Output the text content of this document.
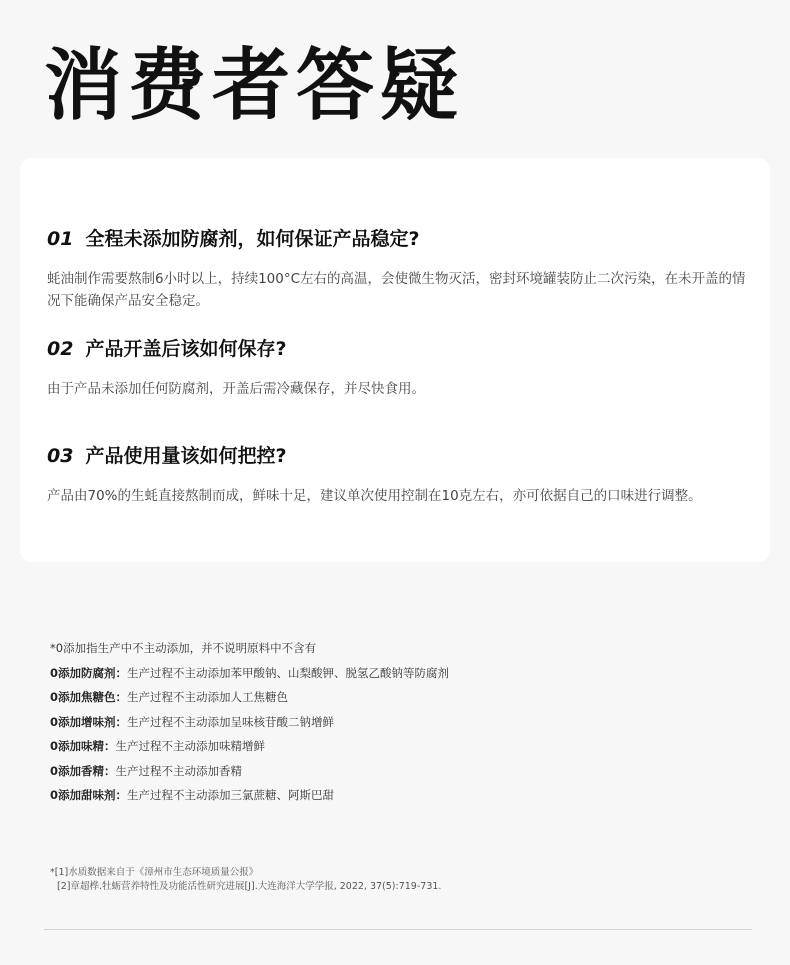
消费者答疑

01 全程未添加防腐剂，如何保证产品稳定?

蚝油制作需要熬制6小时以上，持续100°C左右的高温，会使微生物灭活，密封环境罐装防止二次污染，在未开盖的情况下能确保产品安全稳定。

02 产品开盖后该如何保存?

由于产品未添加任何防腐剂，开盖后需冷藏保存，并尽快食用。

03 产品使用量该如何把控?

产品由70%的生蚝直接熬制而成，鲜味十足，建议单次使用控制在10克左右，亦可依据自己的口味进行调整。

*0添加指生产中不主动添加，并不说明原料中不含有

0添加防腐剂：生产过程不主动添加苯甲酸钠、山梨酸钾、脱氢乙酸钠等防腐剂

0添加焦糖色：生产过程不主动添加人工焦糖色

0添加增味剂：生产过程不主动添加呈味核苷酸二钠增鲜

0添加味精：生产过程不主动添加味精增鲜

0添加香精：生产过程不主动添加香精

0添加甜味剂：生产过程不主动添加三氯蔗糖、阿斯巴甜

*[1]水质数据来自于《漳州市生态环境质量公报》

[2]章超桦.牡蛎营养特性及功能活性研究进展[J].大连海洋大学学报, 2022, 37(5):719-731.
